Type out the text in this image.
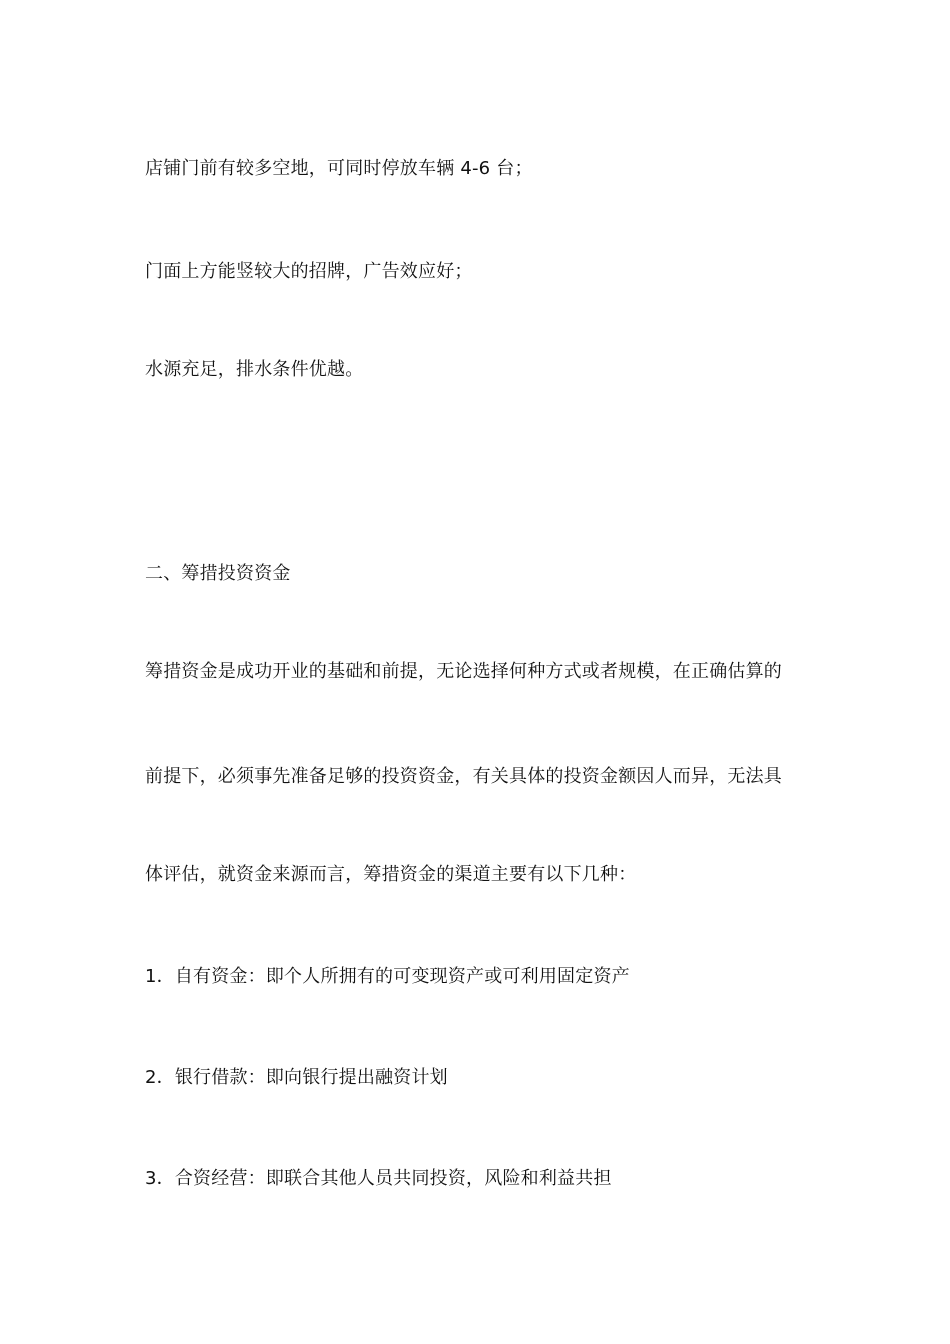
店铺门前有较多空地，可同时停放车辆 4-6 台；
门面上方能竖较大的招牌，广告效应好；
水源充足，排水条件优越。
二、筹措投资资金
筹措资金是成功开业的基础和前提，无论选择何种方式或者规模，在正确估算的
前提下，必须事先准备足够的投资资金，有关具体的投资金额因人而异，无法具
体评估，就资金来源而言，筹措资金的渠道主要有以下几种：
1．自有资金：即个人所拥有的可变现资产或可利用固定资产
2．银行借款：即向银行提出融资计划
3．合资经营：即联合其他人员共同投资，风险和利益共担
